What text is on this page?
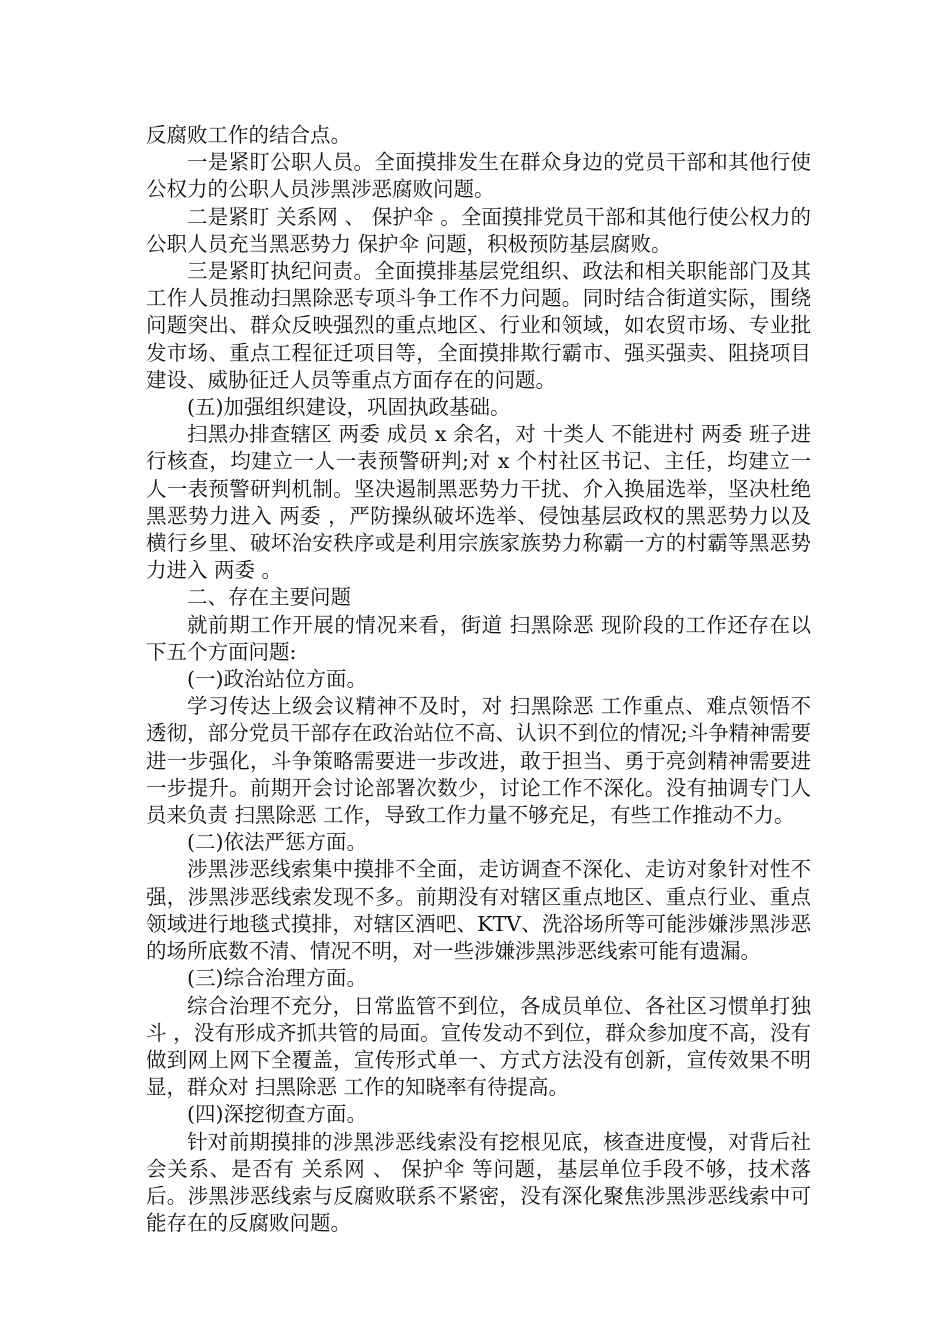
反腐败工作的结合点。

一是紧盯公职人员。全面摸排发生在群众身边的党员干部和其他行使公权力的公职人员涉黑涉恶腐败问题。

二是紧盯 关系网 、 保护伞 。全面摸排党员干部和其他行使公权力的公职人员充当黑恶势力 保护伞 问题，积极预防基层腐败。

三是紧盯执纪问责。全面摸排基层党组织、政法和相关职能部门及其工作人员推动扫黑除恶专项斗争工作不力问题。同时结合街道实际，围绕问题突出、群众反映强烈的重点地区、行业和领域，如农贸市场、专业批发市场、重点工程征迁项目等，全面摸排欺行霸市、强买强卖、阻挠项目建设、威胁征迁人员等重点方面存在的问题。

(五)加强组织建设，巩固执政基础。

扫黑办排查辖区 两委 成员 x 余名，对 十类人 不能进村 两委 班子进行核查，均建立一人一表预警研判;对 x 个村社区书记、主任，均建立一人一表预警研判机制。坚决遏制黑恶势力干扰、介入换届选举，坚决杜绝黑恶势力进入 两委 ，严防操纵破坏选举、侵蚀基层政权的黑恶势力以及横行乡里、破坏治安秩序或是利用宗族家族势力称霸一方的村霸等黑恶势力进入 两委 。

二、存在主要问题

就前期工作开展的情况来看，街道 扫黑除恶 现阶段的工作还存在以下五个方面问题:

(一)政治站位方面。

学习传达上级会议精神不及时，对 扫黑除恶 工作重点、难点领悟不透彻，部分党员干部存在政治站位不高、认识不到位的情况;斗争精神需要进一步强化，斗争策略需要进一步改进，敢于担当、勇于亮剑精神需要进一步提升。前期开会讨论部署次数少，讨论工作不深化。没有抽调专门人员来负责 扫黑除恶 工作，导致工作力量不够充足，有些工作推动不力。

(二)依法严惩方面。

涉黑涉恶线索集中摸排不全面，走访调查不深化、走访对象针对性不强，涉黑涉恶线索发现不多。前期没有对辖区重点地区、重点行业、重点领域进行地毯式摸排，对辖区酒吧、KTV、洗浴场所等可能涉嫌涉黑涉恶的场所底数不清、情况不明，对一些涉嫌涉黑涉恶线索可能有遗漏。

(三)综合治理方面。

综合治理不充分，日常监管不到位，各成员单位、各社区习惯单打独斗 ，没有形成齐抓共管的局面。宣传发动不到位，群众参加度不高，没有做到网上网下全覆盖，宣传形式单一、方式方法没有创新，宣传效果不明显，群众对 扫黑除恶 工作的知晓率有待提高。

(四)深挖彻查方面。

针对前期摸排的涉黑涉恶线索没有挖根见底，核查进度慢，对背后社会关系、是否有 关系网 、 保护伞 等问题，基层单位手段不够，技术落后。涉黑涉恶线索与反腐败联系不紧密，没有深化聚焦涉黑涉恶线索中可能存在的反腐败问题。
